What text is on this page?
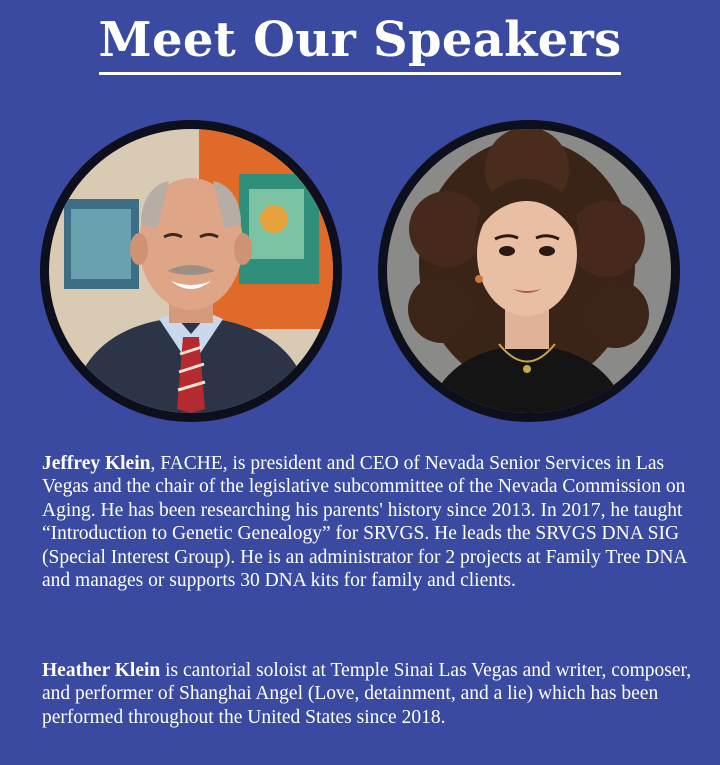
Meet Our Speakers

Jeffrey Klein, FACHE, is president and CEO of Nevada Senior Services in Las Vegas and the chair of the legislative subcommittee of the Nevada Commission on Aging. He has been researching his parents' history since 2013. In 2017, he taught “Introduction to Genetic Genealogy” for SRVGS. He leads the SRVGS DNA SIG (Special Interest Group). He is an administrator for 2 projects at Family Tree DNA and manages or supports 30 DNA kits for family and clients.

Heather Klein is cantorial soloist at Temple Sinai Las Vegas and writer, composer, and performer of Shanghai Angel (Love, detainment, and a lie) which has been performed throughout the United States since 2018.
